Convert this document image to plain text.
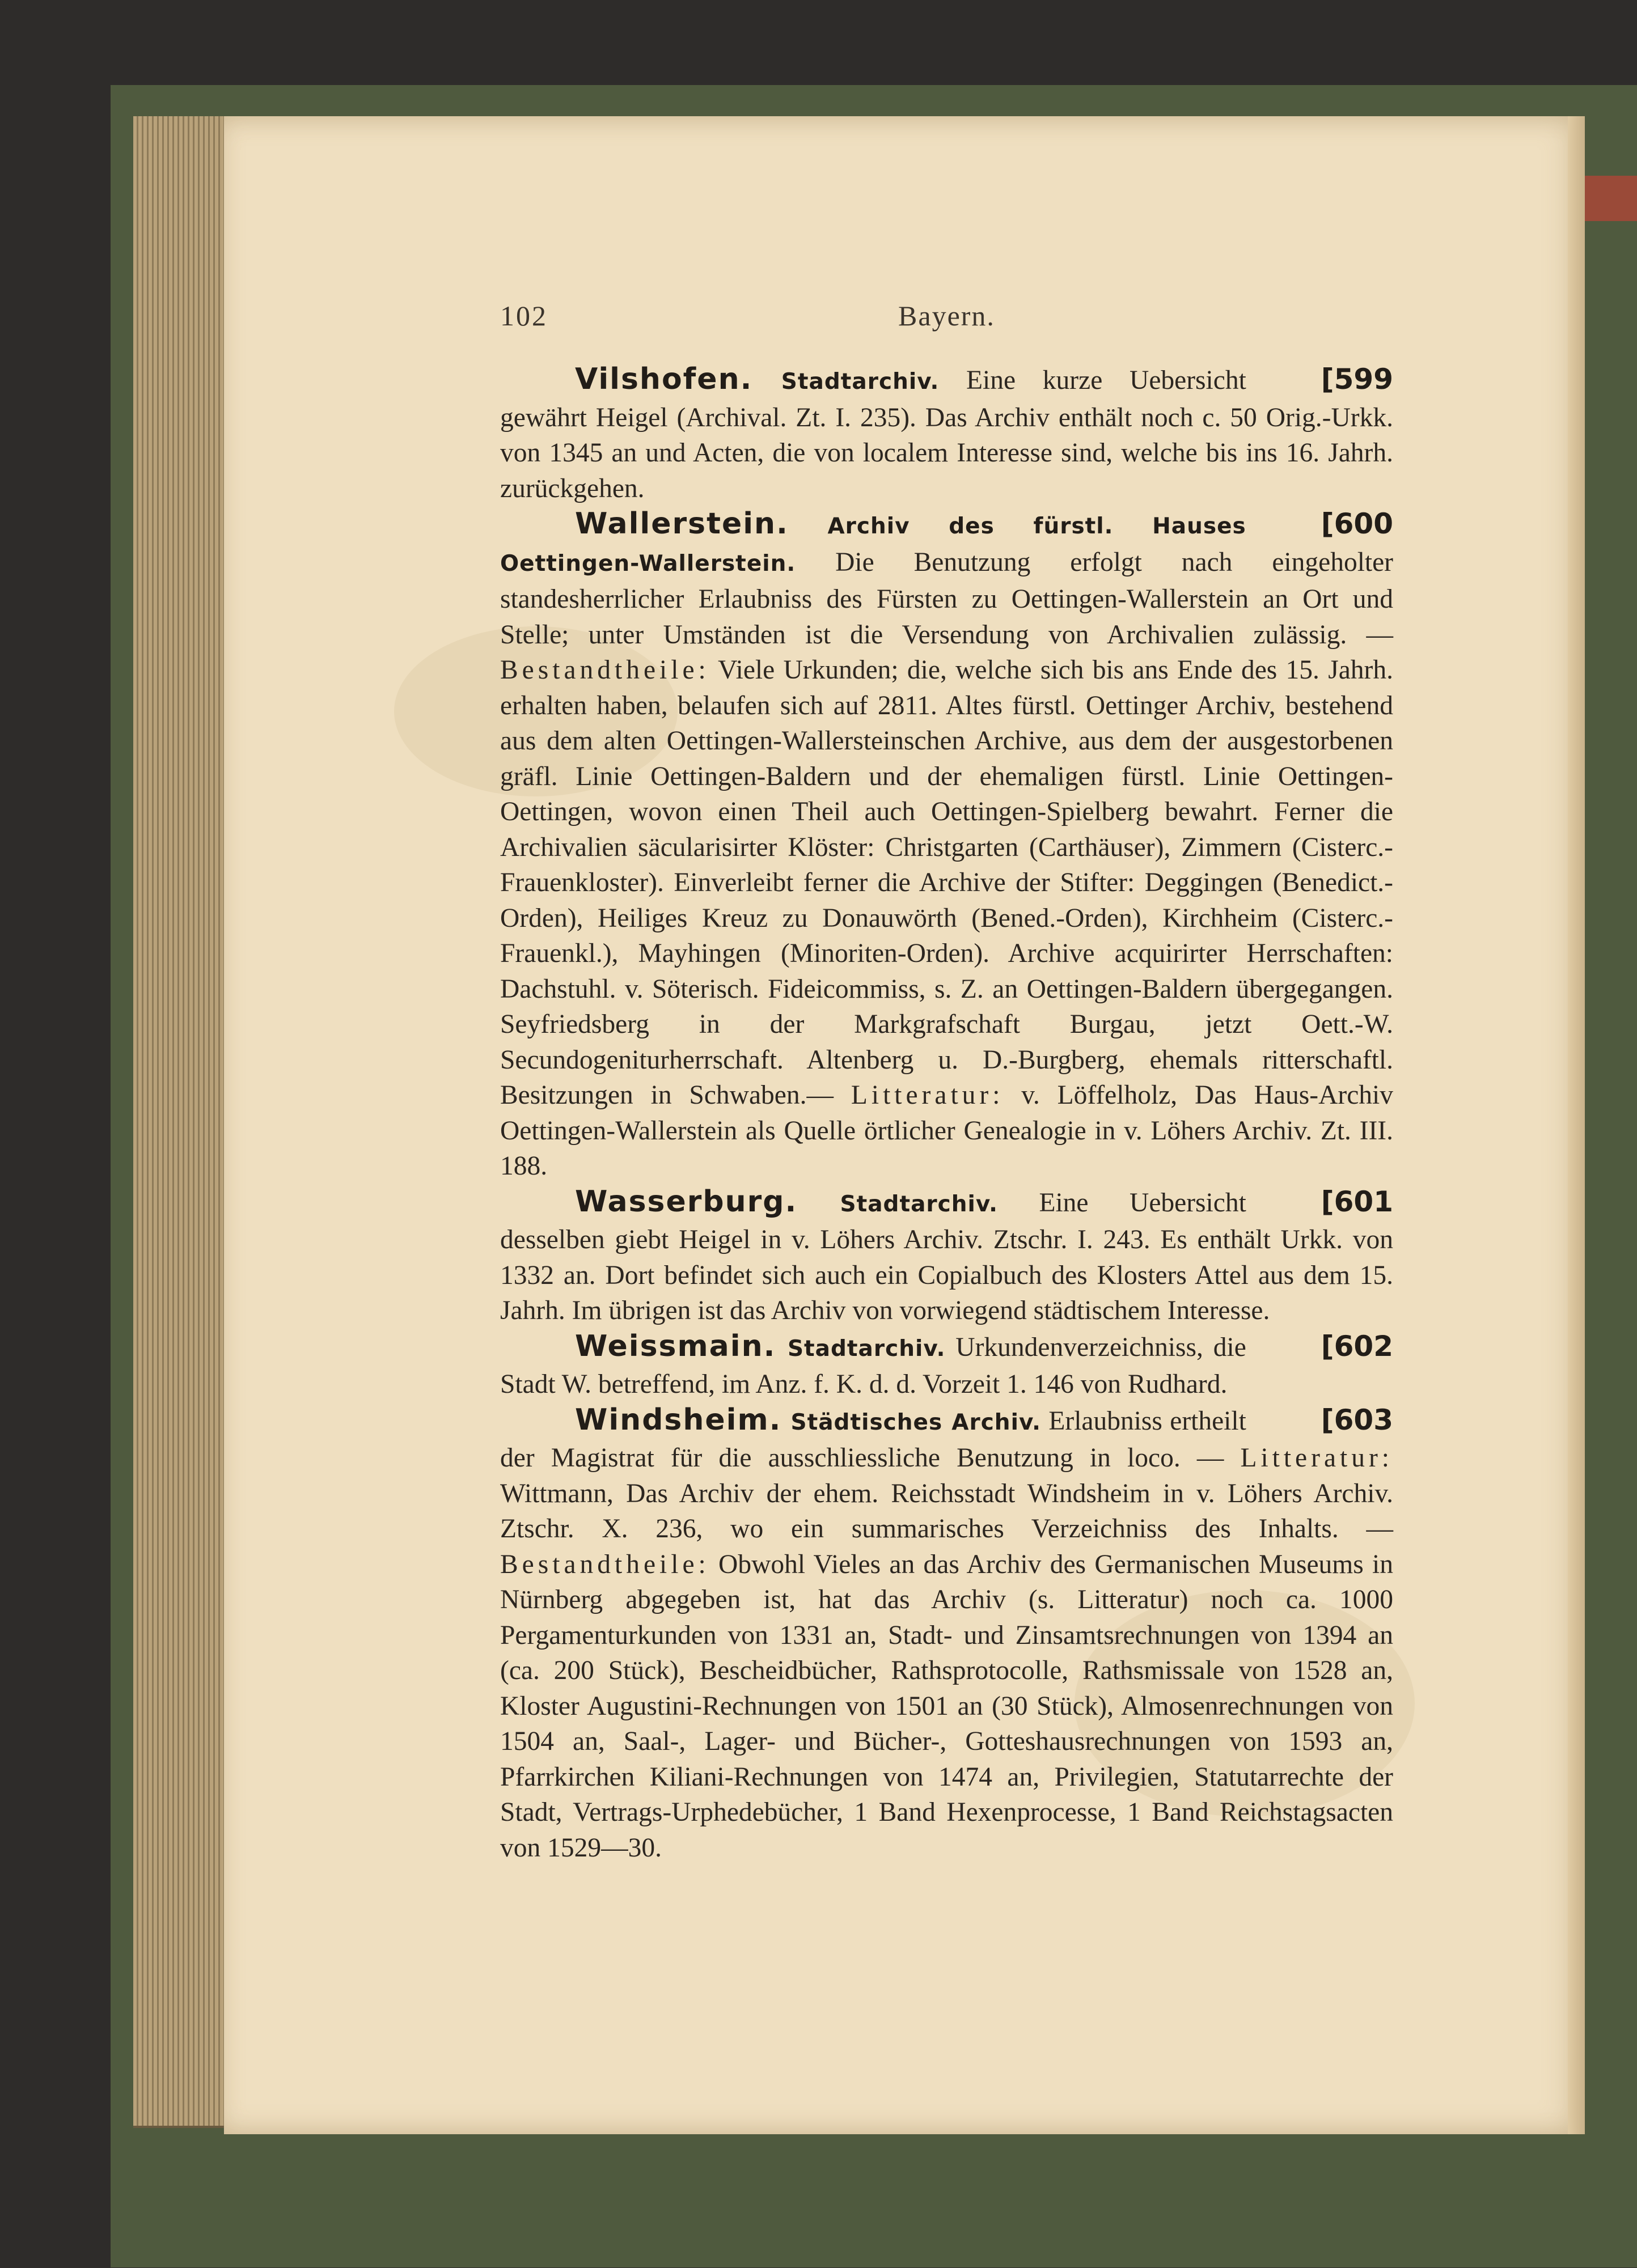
102	Bayern.

[599
Vilshofen. Stadtarchiv. Eine kurze Uebersicht gewährt Heigel (Archival. Zt. I. 235). Das Archiv enthält noch c. 50 Orig.-Urkk. von 1345 an und Acten, die von localem Interesse sind, welche bis ins 16. Jahrh. zurückgehen.

[600
Wallerstein. Archiv des fürstl. Hauses Oettingen-Wallerstein. Die Benutzung erfolgt nach eingeholter standesherrlicher Erlaubniss des Fürsten zu Oettingen-Wallerstein an Ort und Stelle; unter Umständen ist die Versendung von Archivalien zulässig. — Bestandtheile: Viele Urkunden; die, welche sich bis ans Ende des 15. Jahrh. erhalten haben, belaufen sich auf 2811. Altes fürstl. Oettinger Archiv, bestehend aus dem alten Oettingen-Wallersteinschen Archive, aus dem der ausgestorbenen gräfl. Linie Oettingen-Baldern und der ehemaligen fürstl. Linie Oettingen-Oettingen, wovon einen Theil auch Oettingen-Spielberg bewahrt. Ferner die Archivalien säcularisirter Klöster: Christgarten (Carthäuser), Zimmern (Cisterc.-Frauenkloster). Einverleibt ferner die Archive der Stifter: Deggingen (Benedict.-Orden), Heiliges Kreuz zu Donauwörth (Bened.-Orden), Kirchheim (Cisterc.-Frauenkl.), Mayhingen (Minoriten-Orden). Archive acquirirter Herrschaften: Dachstuhl. v. Söterisch. Fideicommiss, s. Z. an Oettingen-Baldern übergegangen. Seyfriedsberg in der Markgrafschaft Burgau, jetzt Oett.-W. Secundogeniturherrschaft. Altenberg u. D.-Burgberg, ehemals ritterschaftl. Besitzungen in Schwaben.— Litteratur: v. Löffelholz, Das Haus-Archiv Oettingen-Wallerstein als Quelle örtlicher Genealogie in v. Löhers Archiv. Zt. III. 188.

[601
Wasserburg. Stadtarchiv. Eine Uebersicht desselben giebt Heigel in v. Löhers Archiv. Ztschr. I. 243. Es enthält Urkk. von 1332 an. Dort befindet sich auch ein Copialbuch des Klosters Attel aus dem 15. Jahrh. Im übrigen ist das Archiv von vorwiegend städtischem Interesse.

[602
Weissmain. Stadtarchiv. Urkundenverzeichniss, die Stadt W. betreffend, im Anz. f. K. d. d. Vorzeit 1. 146 von Rudhard.

[603
Windsheim. Städtisches Archiv. Erlaubniss ertheilt der Magistrat für die ausschliessliche Benutzung in loco. — Litteratur: Wittmann, Das Archiv der ehem. Reichsstadt Windsheim in v. Löhers Archiv. Ztschr. X. 236, wo ein summarisches Verzeichniss des Inhalts. — Bestandtheile: Obwohl Vieles an das Archiv des Germanischen Museums in Nürnberg abgegeben ist, hat das Archiv (s. Litteratur) noch ca. 1000 Pergamenturkunden von 1331 an, Stadt- und Zinsamtsrechnungen von 1394 an (ca. 200 Stück), Bescheidbücher, Rathsprotocolle, Rathsmissale von 1528 an, Kloster Augustini-Rechnungen von 1501 an (30 Stück), Almosenrechnungen von 1504 an, Saal-, Lager- und Bücher-, Gotteshausrechnungen von 1593 an, Pfarrkirchen Kiliani-Rechnungen von 1474 an, Privilegien, Statutarrechte der Stadt, Vertrags-Urphedebücher, 1 Band Hexenprocesse, 1 Band Reichstagsacten von 1529—30.
